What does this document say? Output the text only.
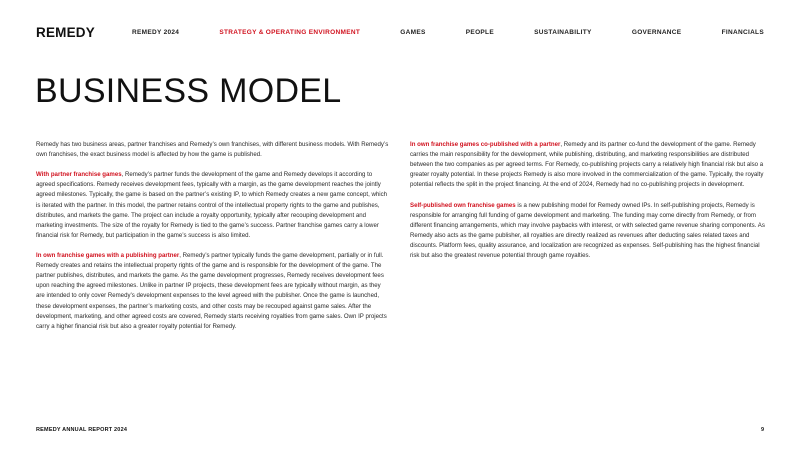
REMEDY	REMEDY 2024	STRATEGY & OPERATING ENVIRONMENT	GAMES	PEOPLE	SUSTAINABILITY	GOVERNANCE	FINANCIALS
BUSINESS MODEL

Remedy has two business areas, partner franchises and Remedy’s own franchises, with different business models. With Remedy’s own franchises, the exact business model is affected by how the game is published.

With partner franchise games, Remedy’s partner funds the development of the game and Remedy develops it according to agreed specifications. Remedy receives development fees, typically with a margin, as the game development reaches the jointly agreed milestones. Typically, the game is based on the partner’s existing IP, to which Remedy creates a new game concept, which is iterated with the partner. In this model, the partner retains control of the intellectual property rights to the game and publishes, distributes, and markets the game. The project can include a royalty opportunity, typically after recouping development and marketing investments. The size of the royalty for Remedy is tied to the game’s success. Partner franchise games carry a lower financial risk for Remedy, but participation in the game’s success is also limited.

In own franchise games with a publishing partner, Remedy’s partner typically funds the game development, partially or in full. Remedy creates and retains the intellectual property rights of the game and is responsible for the development of the game. The partner publishes, distributes, and markets the game. As the game development progresses, Remedy receives development fees upon reaching the agreed milestones. Unlike in partner IP projects, these development fees are typically without margin, as they are intended to only cover Remedy’s development expenses to the level agreed with the publisher. Once the game is launched, these development expenses, the partner’s marketing costs, and other costs may be recouped against game sales. After the development, marketing, and other agreed costs are covered, Remedy starts receiving royalties from game sales. Own IP projects carry a higher financial risk but also a greater royalty potential for Remedy.

In own franchise games co-published with a partner, Remedy and its partner co-fund the development of the game. Remedy carries the main responsibility for the development, while publishing, distributing, and marketing responsibilities are distributed between the two companies as per agreed terms. For Remedy, co-publishing projects carry a relatively high financial risk but also a greater royalty potential. In these projects Remedy is also more involved in the commercialization of the game. Typically, the royalty potential reflects the split in the project financing. At the end of 2024, Remedy had no co-publishing projects in development.

Self-published own franchise games is a new publishing model for Remedy owned IPs. In self-publishing projects, Remedy is responsible for arranging full funding of game development and marketing. The funding may come directly from Remedy, or from different financing arrangements, which may involve paybacks with interest, or with selected game revenue sharing components. As Remedy also acts as the game publisher, all royalties are directly realized as revenues after deducting sales related taxes and discounts. Platform fees, quality assurance, and localization are recognized as expenses. Self-publishing has the highest financial risk but also the greatest revenue potential through game royalties.

REMEDY ANNUAL REPORT 2024	9
